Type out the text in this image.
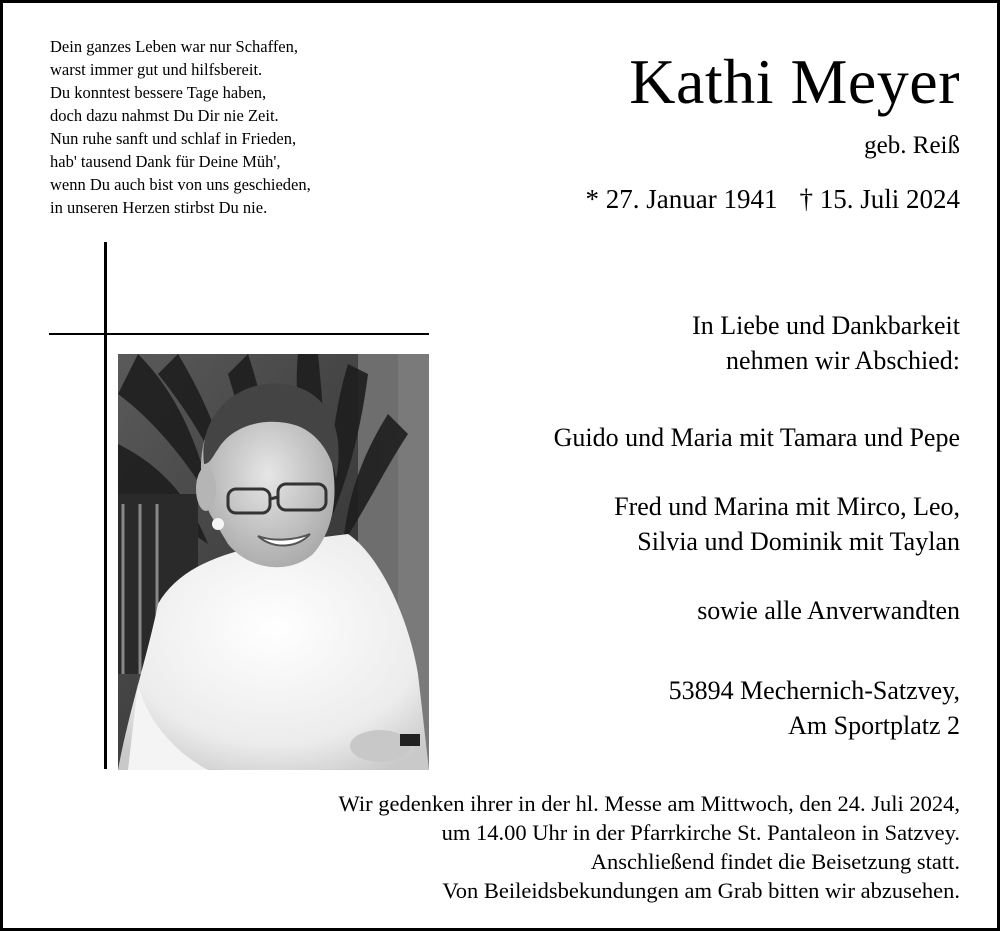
Dein ganzes Leben war nur Schaffen,
warst immer gut und hilfsbereit.
Du konntest bessere Tage haben,
doch dazu nahmst Du Dir nie Zeit.
Nun ruhe sanft und schlaf in Frieden,
hab' tausend Dank für Deine Müh',
wenn Du auch bist von uns geschieden,
in unseren Herzen stirbst Du nie.
Kathi Meyer
geb. Reiß
* 27. Januar 1941 † 15. Juli 2024
In Liebe und Dankbarkeit
nehmen wir Abschied:
Guido und Maria mit Tamara und Pepe
Fred und Marina mit Mirco, Leo,
Silvia und Dominik mit Taylan
sowie alle Anverwandten
53894 Mechernich-Satzvey,
Am Sportplatz 2
Wir gedenken ihrer in der hl. Messe am Mittwoch, den 24. Juli 2024,
um 14.00 Uhr in der Pfarrkirche St. Pantaleon in Satzvey.
Anschließend findet die Beisetzung statt.
Von Beileidsbekundungen am Grab bitten wir abzusehen.
